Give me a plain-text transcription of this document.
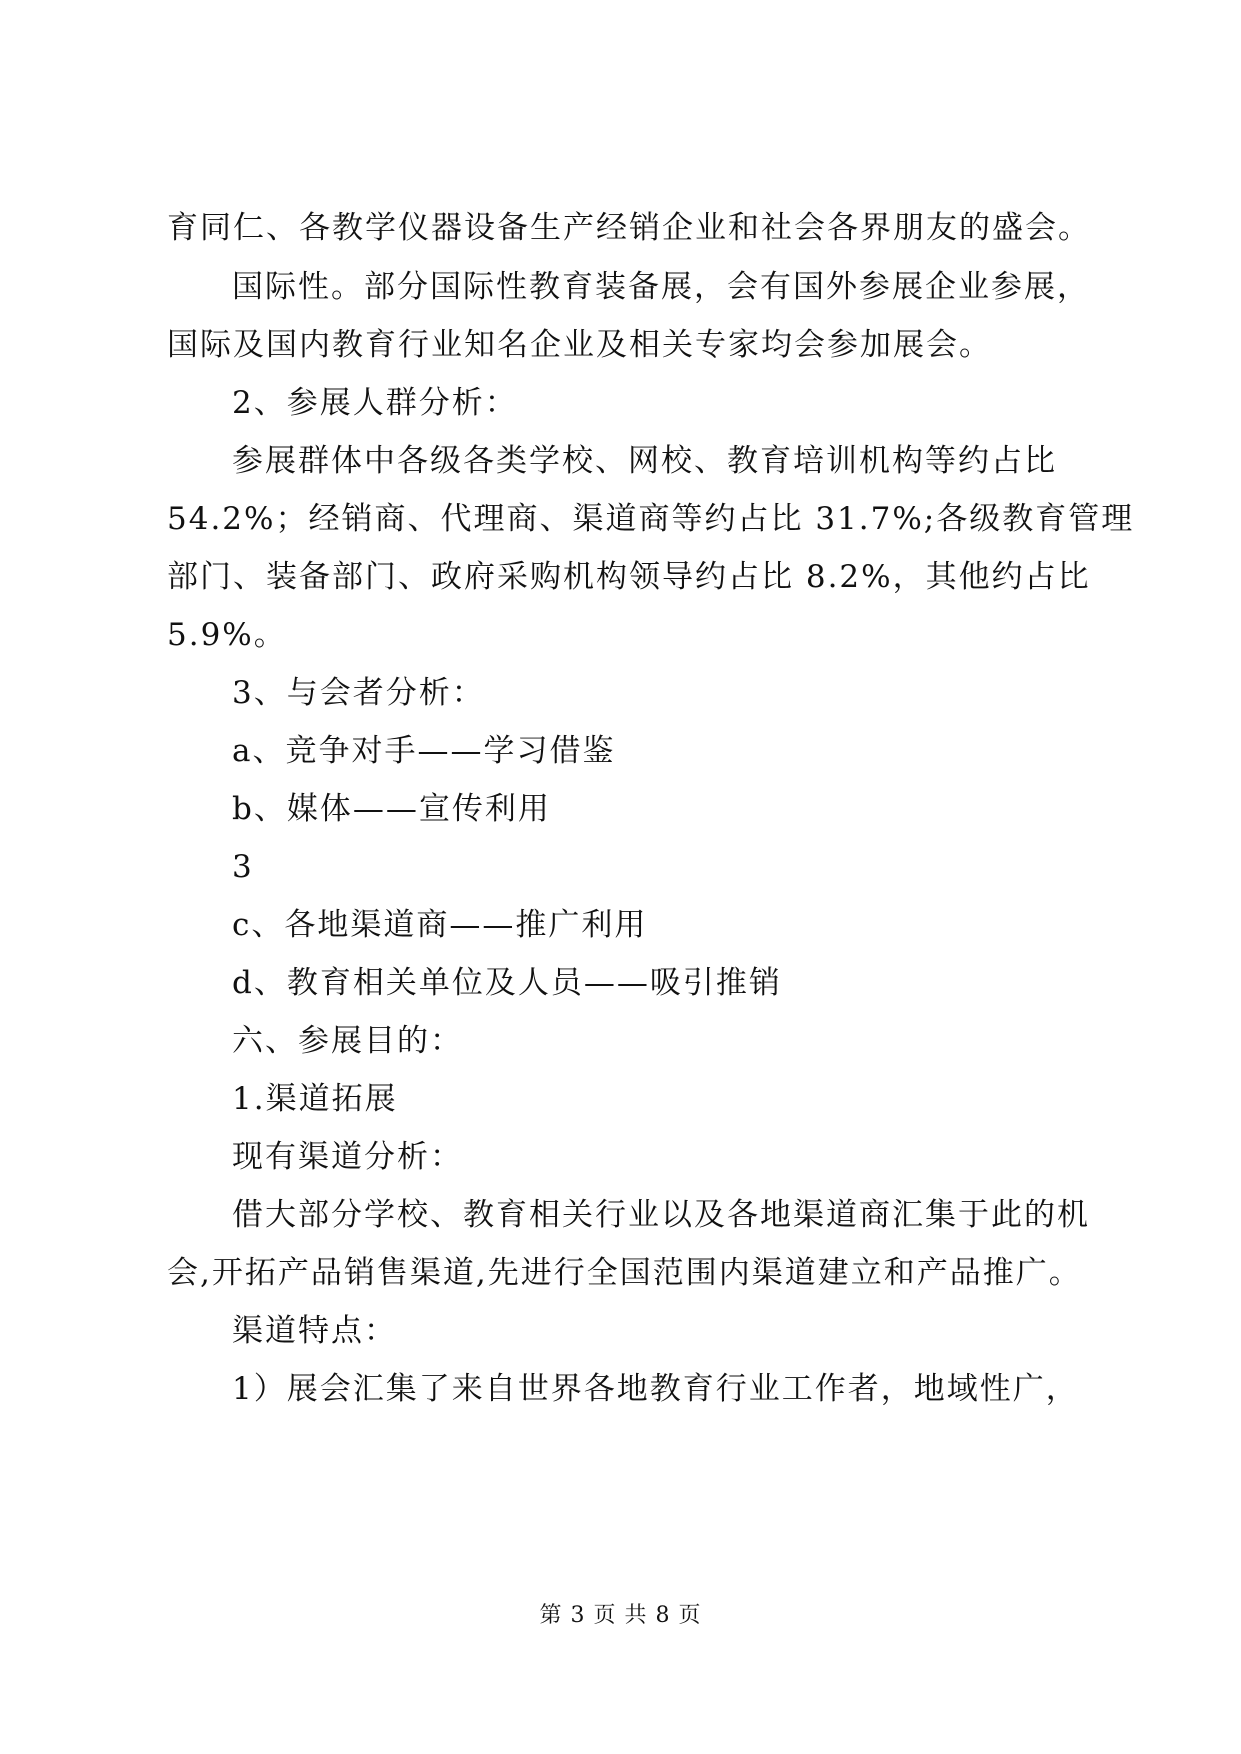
育同仁、各教学仪器设备生产经销企业和社会各界朋友的盛会。
国际性。部分国际性教育装备展，会有国外参展企业参展，
国际及国内教育行业知名企业及相关专家均会参加展会。
2、参展人群分析：
参展群体中各级各类学校、网校、教育培训机构等约占比
54.2%；经销商、代理商、渠道商等约占比 31.7%;各级教育管理
部门、装备部门、政府采购机构领导约占比 8.2%，其他约占比
5.9%。
3、与会者分析：
a、竞争对手——学习借鉴
b、媒体——宣传利用
3
c、各地渠道商——推广利用
d、教育相关单位及人员——吸引推销
六、参展目的：
1.渠道拓展
现有渠道分析：
借大部分学校、教育相关行业以及各地渠道商汇集于此的机
会,开拓产品销售渠道,先进行全国范围内渠道建立和产品推广。
渠道特点：
1）展会汇集了来自世界各地教育行业工作者，地域性广，
第 3 页 共 8 页
